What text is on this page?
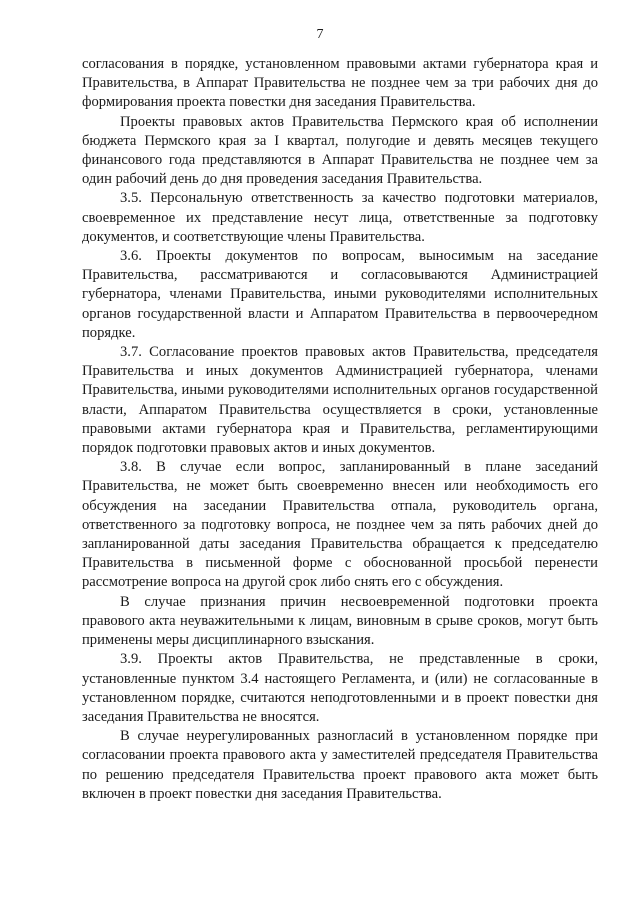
7

согласования в порядке, установленном правовыми актами губернатора края и Правительства, в Аппарат Правительства не позднее чем за три рабочих дня до формирования проекта повестки дня заседания Правительства.

Проекты правовых актов Правительства Пермского края об исполнении бюджета Пермского края за I квартал, полугодие и девять месяцев текущего финансового года представляются в Аппарат Правительства не позднее чем за один рабочий день до дня проведения заседания Правительства.

3.5. Персональную ответственность за качество подготовки материалов, своевременное их представление несут лица, ответственные за подготовку документов, и соответствующие члены Правительства.

3.6. Проекты документов по вопросам, выносимым на заседание Правительства, рассматриваются и согласовываются Администрацией губернатора, членами Правительства, иными руководителями исполнительных органов государственной власти и Аппаратом Правительства в первоочередном порядке.

3.7. Согласование проектов правовых актов Правительства, председателя Правительства и иных документов Администрацией губернатора, членами Правительства, иными руководителями исполнительных органов государственной власти, Аппаратом Правительства осуществляется в сроки, установленные правовыми актами губернатора края и Правительства, регламентирующими порядок подготовки правовых актов и иных документов.

3.8. В случае если вопрос, запланированный в плане заседаний Правительства, не может быть своевременно внесен или необходимость его обсуждения на заседании Правительства отпала, руководитель органа, ответственного за подготовку вопроса, не позднее чем за пять рабочих дней до запланированной даты заседания Правительства обращается к председателю Правительства в письменной форме с обоснованной просьбой перенести рассмотрение вопроса на другой срок либо снять его с обсуждения.

В случае признания причин несвоевременной подготовки проекта правового акта неуважительными к лицам, виновным в срыве сроков, могут быть применены меры дисциплинарного взыскания.

3.9. Проекты актов Правительства, не представленные в сроки, установленные пунктом 3.4 настоящего Регламента, и (или) не согласованные в установленном порядке, считаются неподготовленными и в проект повестки дня заседания Правительства не вносятся.

В случае неурегулированных разногласий в установленном порядке при согласовании проекта правового акта у заместителей председателя Правительства по решению председателя Правительства проект правового акта может быть включен в проект повестки дня заседания Правительства.
